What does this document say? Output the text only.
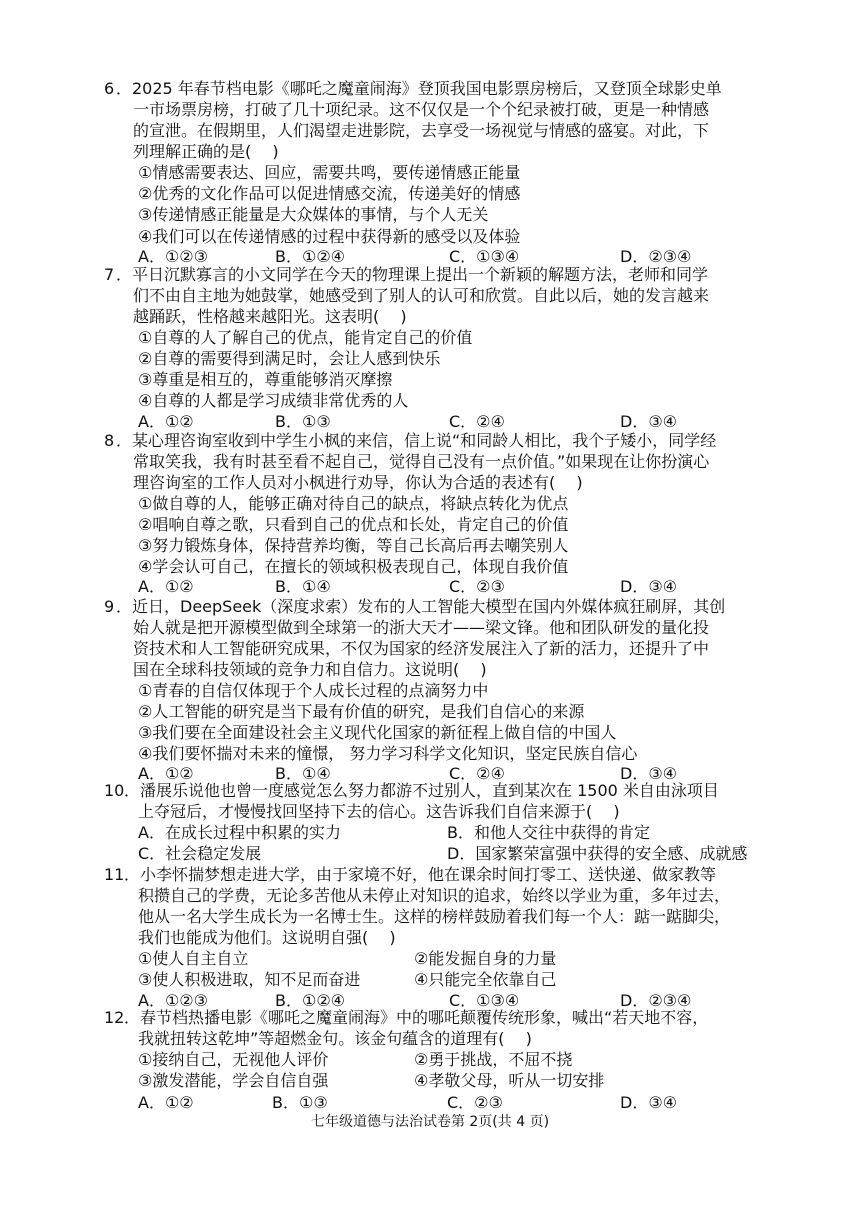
6 ．2025 年春节档电影《哪吒之魔童闹海》登顶我国电影票房榜后，又登顶全球影史单
一市场票房榜，打破了几十项纪录。这不仅仅是一个个纪录被打破，更是一种情感
的宣泄。在假期里，人们渴望走进影院，去享受一场视觉与情感的盛宴。对此，下
列理解正确的是(　 )
①情感需要表达、回应，需要共鸣，要传递情感正能量
②优秀的文化作品可以促进情感交流，传递美好的情感
③传递情感正能量是大众媒体的事情，与个人无关
④我们可以在传递情感的过程中获得新的感受以及体验
A．①②③	B．①②④	C．①③④	D．②③④
7 ．平日沉默寡言的小文同学在今天的物理课上提出一个新颖的解题方法，老师和同学
们不由自主地为她鼓掌，她感受到了别人的认可和欣赏。自此以后，她的发言越来
越踊跃，性格越来越阳光。这表明(　 )
①自尊的人了解自己的优点，能肯定自己的价值
②自尊的需要得到满足时，会让人感到快乐
③尊重是相互的，尊重能够消灭摩擦
④自尊的人都是学习成绩非常优秀的人
A．①②	B．①③	C．②④	D．③④
8 ．某心理咨询室收到中学生小枫的来信，信上说“和同龄人相比，我个子矮小，同学经
常取笑我，我有时甚至看不起自己，觉得自己没有一点价值。”如果现在让你扮演心
理咨询室的工作人员对小枫进行劝导，你认为合适的表述有(　 )
①做自尊的人，能够正确对待自己的缺点，将缺点转化为优点
②唱响自尊之歌，只看到自己的优点和长处，肯定自己的价值
③努力锻炼身体，保持营养均衡，等自己长高后再去嘲笑别人
④学会认可自己，在擅长的领域积极表现自己，体现自我价值
A．①②	B．①④	C．②③	D．③④
9 ．近日，DeepSeek（深度求索）发布的人工智能大模型在国内外媒体疯狂刷屏，其创
始人就是把开源模型做到全球第一的浙大天才——梁文锋。他和团队研发的量化投
资技术和人工智能研究成果，不仅为国家的经济发展注入了新的活力，还提升了中
国在全球科技领域的竞争力和自信力。这说明(　 )
①青春的自信仅体现于个人成长过程的点滴努力中
②人工智能的研究是当下最有价值的研究，是我们自信心的来源
③我们要在全面建设社会主义现代化国家的新征程上做自信的中国人
④我们要怀揣对未来的憧憬， 努力学习科学文化知识，坚定民族自信心
A．①②	B．①④	C．②④	D．③④
10 ．潘展乐说他也曾一度感觉怎么努力都游不过别人，直到某次在 1500 米自由泳项目
上夺冠后，才慢慢找回坚持下去的信心。这告诉我们自信来源于(　 )
A．在成长过程中积累的实力	B．和他人交往中获得的肯定
C．社会稳定发展	D．国家繁荣富强中获得的安全感、成就感
11 ．小李怀揣梦想走进大学，由于家境不好，他在课余时间打零工、送快递、做家教等
积攒自己的学费，无论多苦他从未停止对知识的追求，始终以学业为重，多年过去，
他从一名大学生成长为一名博士生。这样的榜样鼓励着我们每一个人：踮一踮脚尖，
我们也能成为他们。这说明自强(　 )
①使人自主自立	②能发掘自身的力量
③使人积极进取，知不足而奋进	④只能完全依靠自己
A．①②③	B．①②④	C．①③④	D．②③④
12 ．春节档热播电影《哪吒之魔童闹海》中的哪吒颠覆传统形象，喊出“若天地不容，
我就扭转这乾坤”等超燃金句。该金句蕴含的道理有(　 )
①接纳自己，无视他人评价	②勇于挑战，不屈不挠
③激发潜能，学会自信自强	④孝敬父母，听从一切安排
A．①②	B．①③	C．②③	D．③④
七年级道德与法治试卷第 2页(共 4 页)
